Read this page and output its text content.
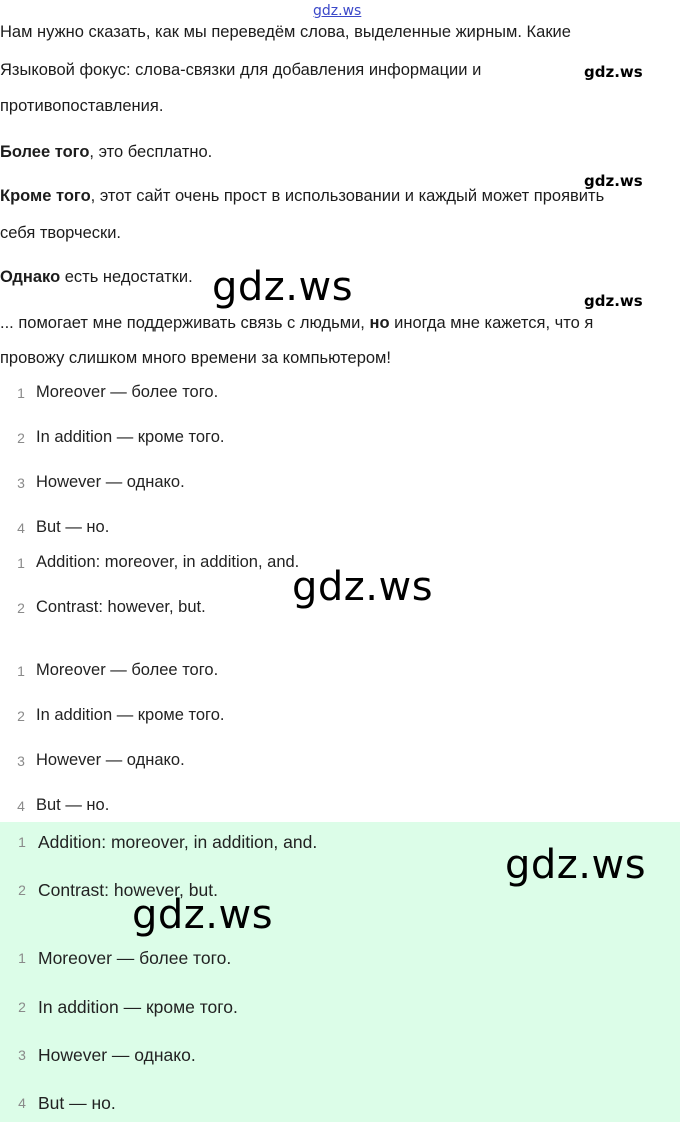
gdz.ws
Нам нужно сказать, как мы переведём слова, выделенные жирным. Какие
Языковой фокус: слова-связки для добавления информации и
противопоставления.
Более того, это бесплатно.
Кроме того, этот сайт очень прост в использовании и каждый может проявить
себя творчески.
Однако есть недостатки.
... помогает мне поддерживать связь с людьми, но иногда мне кажется, что я
провожу слишком много времени за компьютером!
1 Moreover — более того.
2 In addition — кроме того.
3 However — однако.
4 But — но.
1 Addition: moreover, in addition, and.
2 Contrast: however, but.
1 Moreover — более того.
2 In addition — кроме того.
3 However — однако.
4 But — но.
1 Addition: moreover, in addition, and.
2 Contrast: however, but.
1 Moreover — более того.
2 In addition — кроме того.
3 However — однако.
4 But — но.
gdz.ws
gdz.ws
gdz.ws
gdz.ws
gdz.ws
gdz.ws
gdz.ws
